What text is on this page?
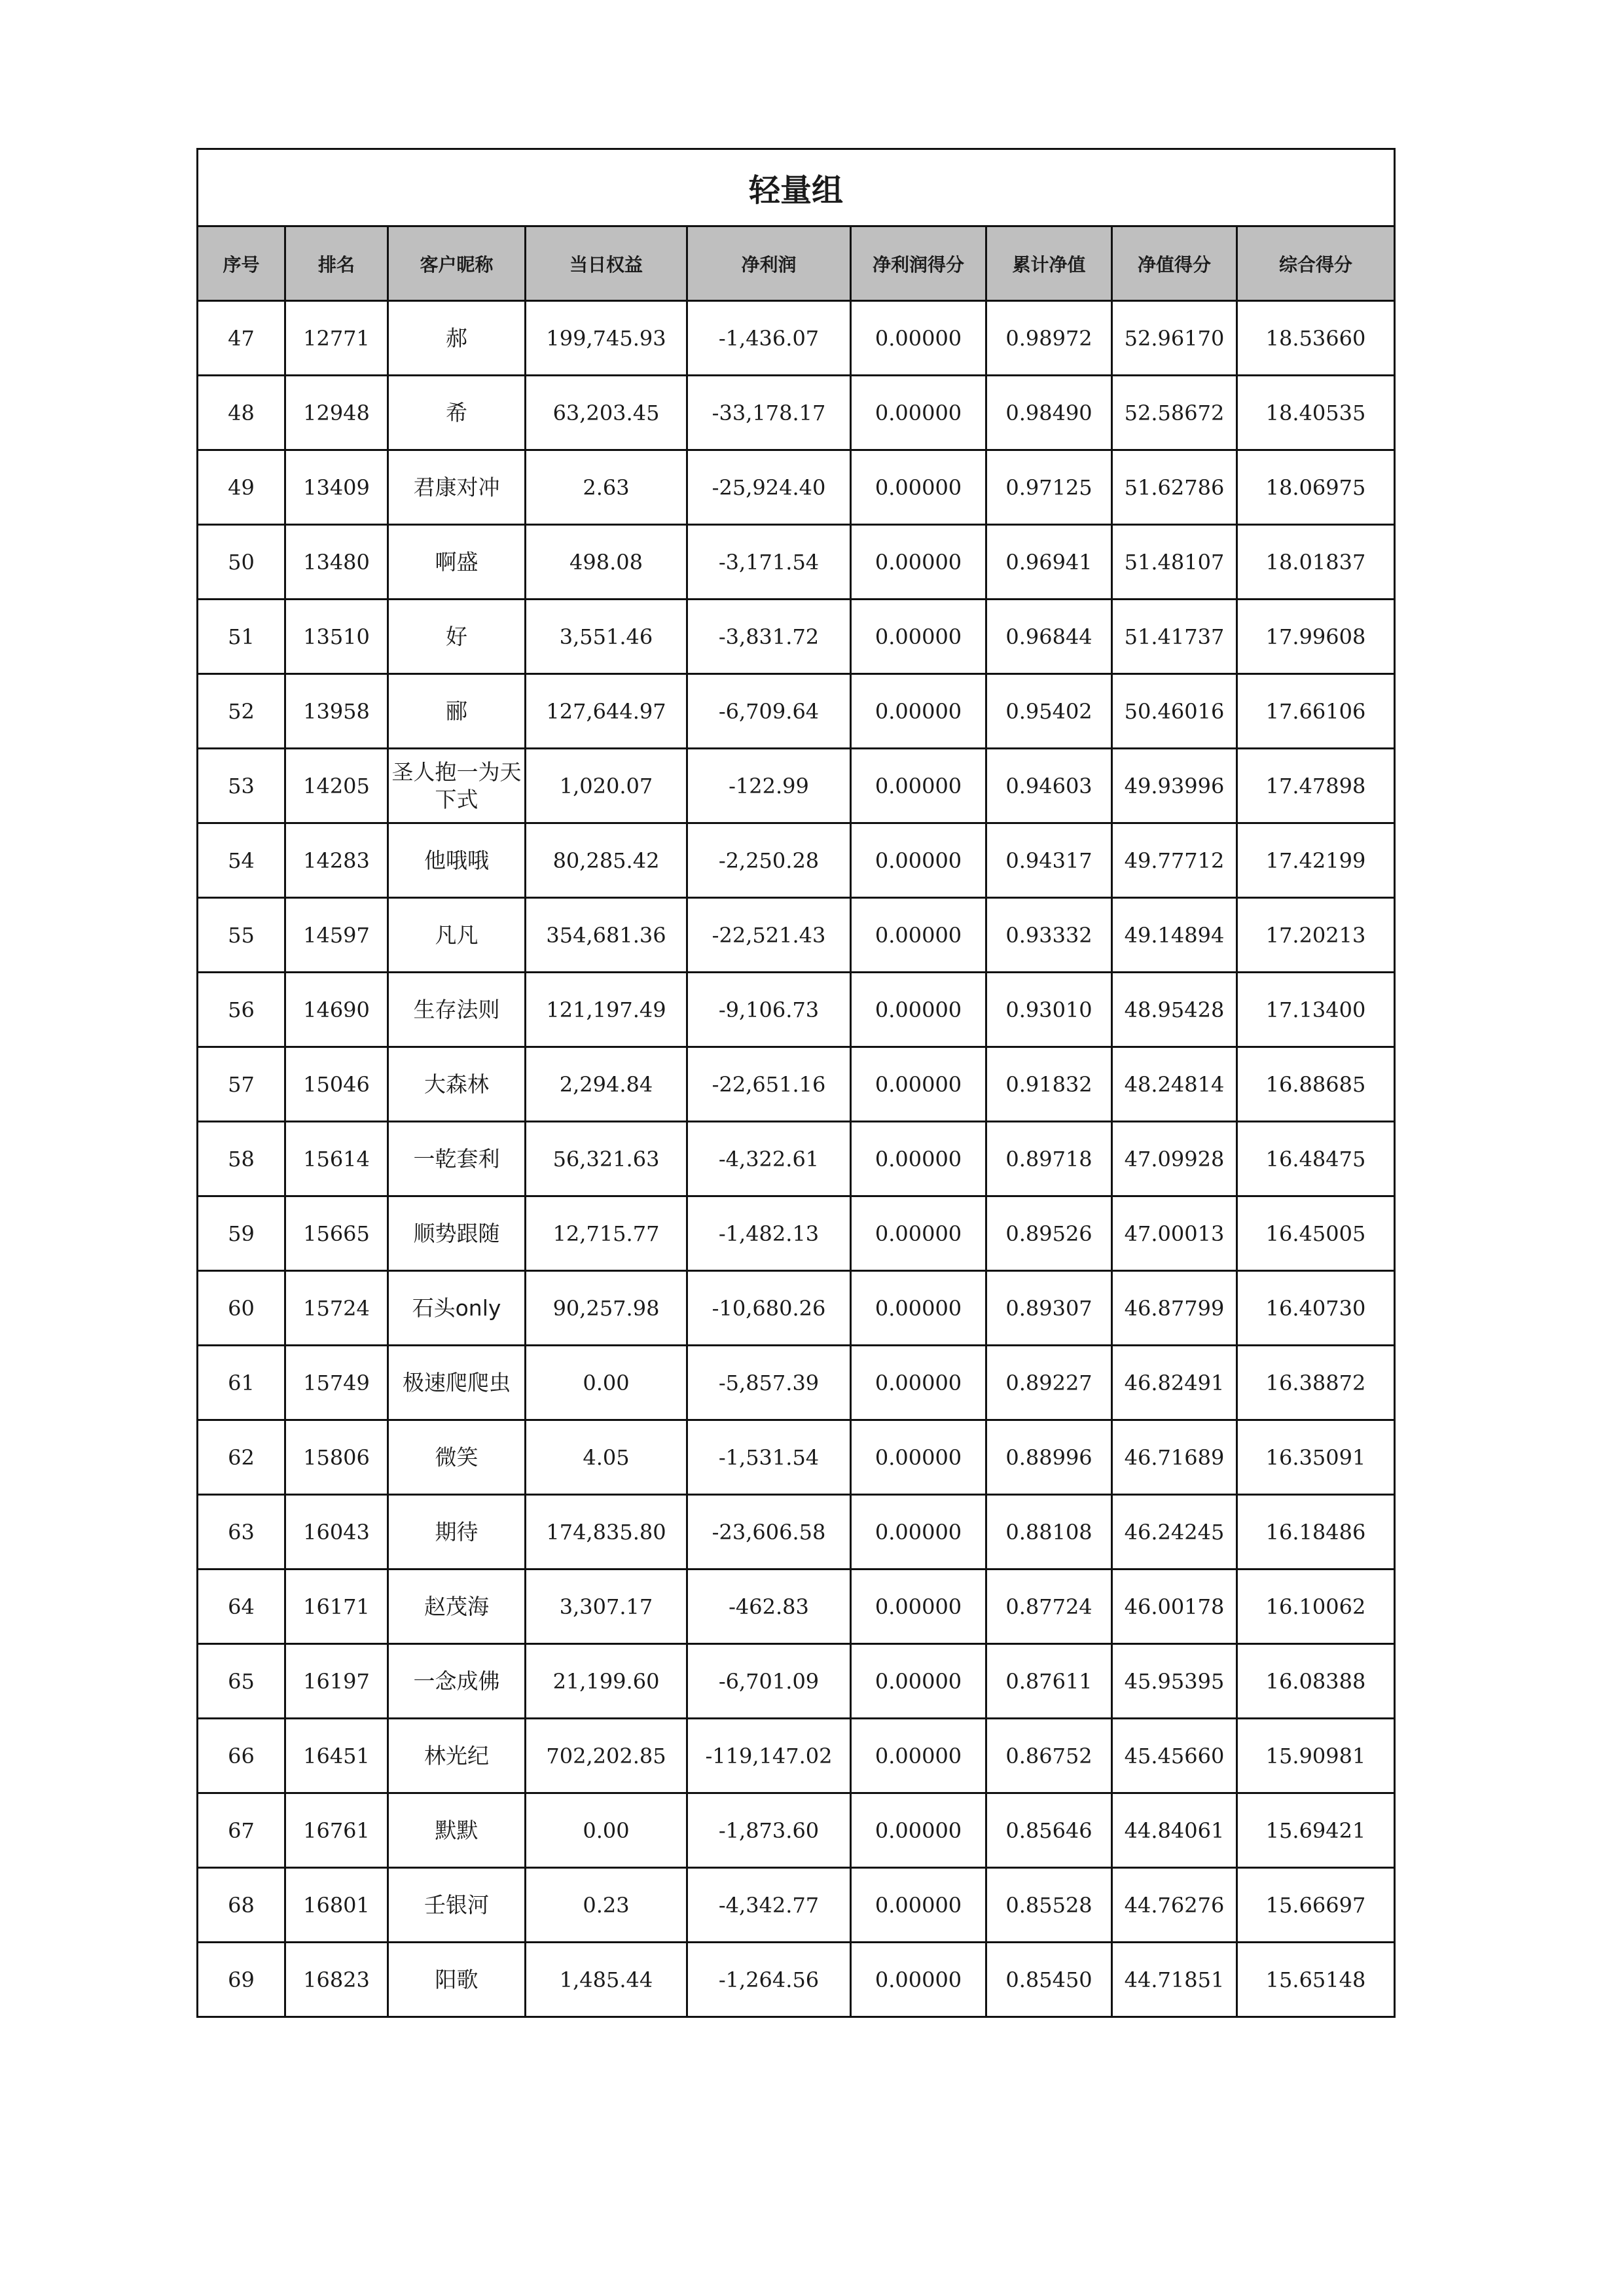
轻量组								
序号	排名	客户昵称	当日权益	净利润	净利润得分	累计净值	净值得分	综合得分
47	12771	郝	199,745.93	-1,436.07	0.00000	0.98972	52.96170	18.53660
48	12948	希	63,203.45	-33,178.17	0.00000	0.98490	52.58672	18.40535
49	13409	君康对冲	2.63	-25,924.40	0.00000	0.97125	51.62786	18.06975
50	13480	啊盛	498.08	-3,171.54	0.00000	0.96941	51.48107	18.01837
51	13510	好	3,551.46	-3,831.72	0.00000	0.96844	51.41737	17.99608
52	13958	郦	127,644.97	-6,709.64	0.00000	0.95402	50.46016	17.66106
53	14205	圣人抱一为天下式	1,020.07	-122.99	0.00000	0.94603	49.93996	17.47898
54	14283	他哦哦	80,285.42	-2,250.28	0.00000	0.94317	49.77712	17.42199
55	14597	凡凡	354,681.36	-22,521.43	0.00000	0.93332	49.14894	17.20213
56	14690	生存法则	121,197.49	-9,106.73	0.00000	0.93010	48.95428	17.13400
57	15046	大森林	2,294.84	-22,651.16	0.00000	0.91832	48.24814	16.88685
58	15614	一乾套利	56,321.63	-4,322.61	0.00000	0.89718	47.09928	16.48475
59	15665	顺势跟随	12,715.77	-1,482.13	0.00000	0.89526	47.00013	16.45005
60	15724	石头only	90,257.98	-10,680.26	0.00000	0.89307	46.87799	16.40730
61	15749	极速爬爬虫	0.00	-5,857.39	0.00000	0.89227	46.82491	16.38872
62	15806	微笑	4.05	-1,531.54	0.00000	0.88996	46.71689	16.35091
63	16043	期待	174,835.80	-23,606.58	0.00000	0.88108	46.24245	16.18486
64	16171	赵茂海	3,307.17	-462.83	0.00000	0.87724	46.00178	16.10062
65	16197	一念成佛	21,199.60	-6,701.09	0.00000	0.87611	45.95395	16.08388
66	16451	林光纪	702,202.85	-119,147.02	0.00000	0.86752	45.45660	15.90981
67	16761	默默	0.00	-1,873.60	0.00000	0.85646	44.84061	15.69421
68	16801	壬银河	0.23	-4,342.77	0.00000	0.85528	44.76276	15.66697
69	16823	阳歌	1,485.44	-1,264.56	0.00000	0.85450	44.71851	15.65148
